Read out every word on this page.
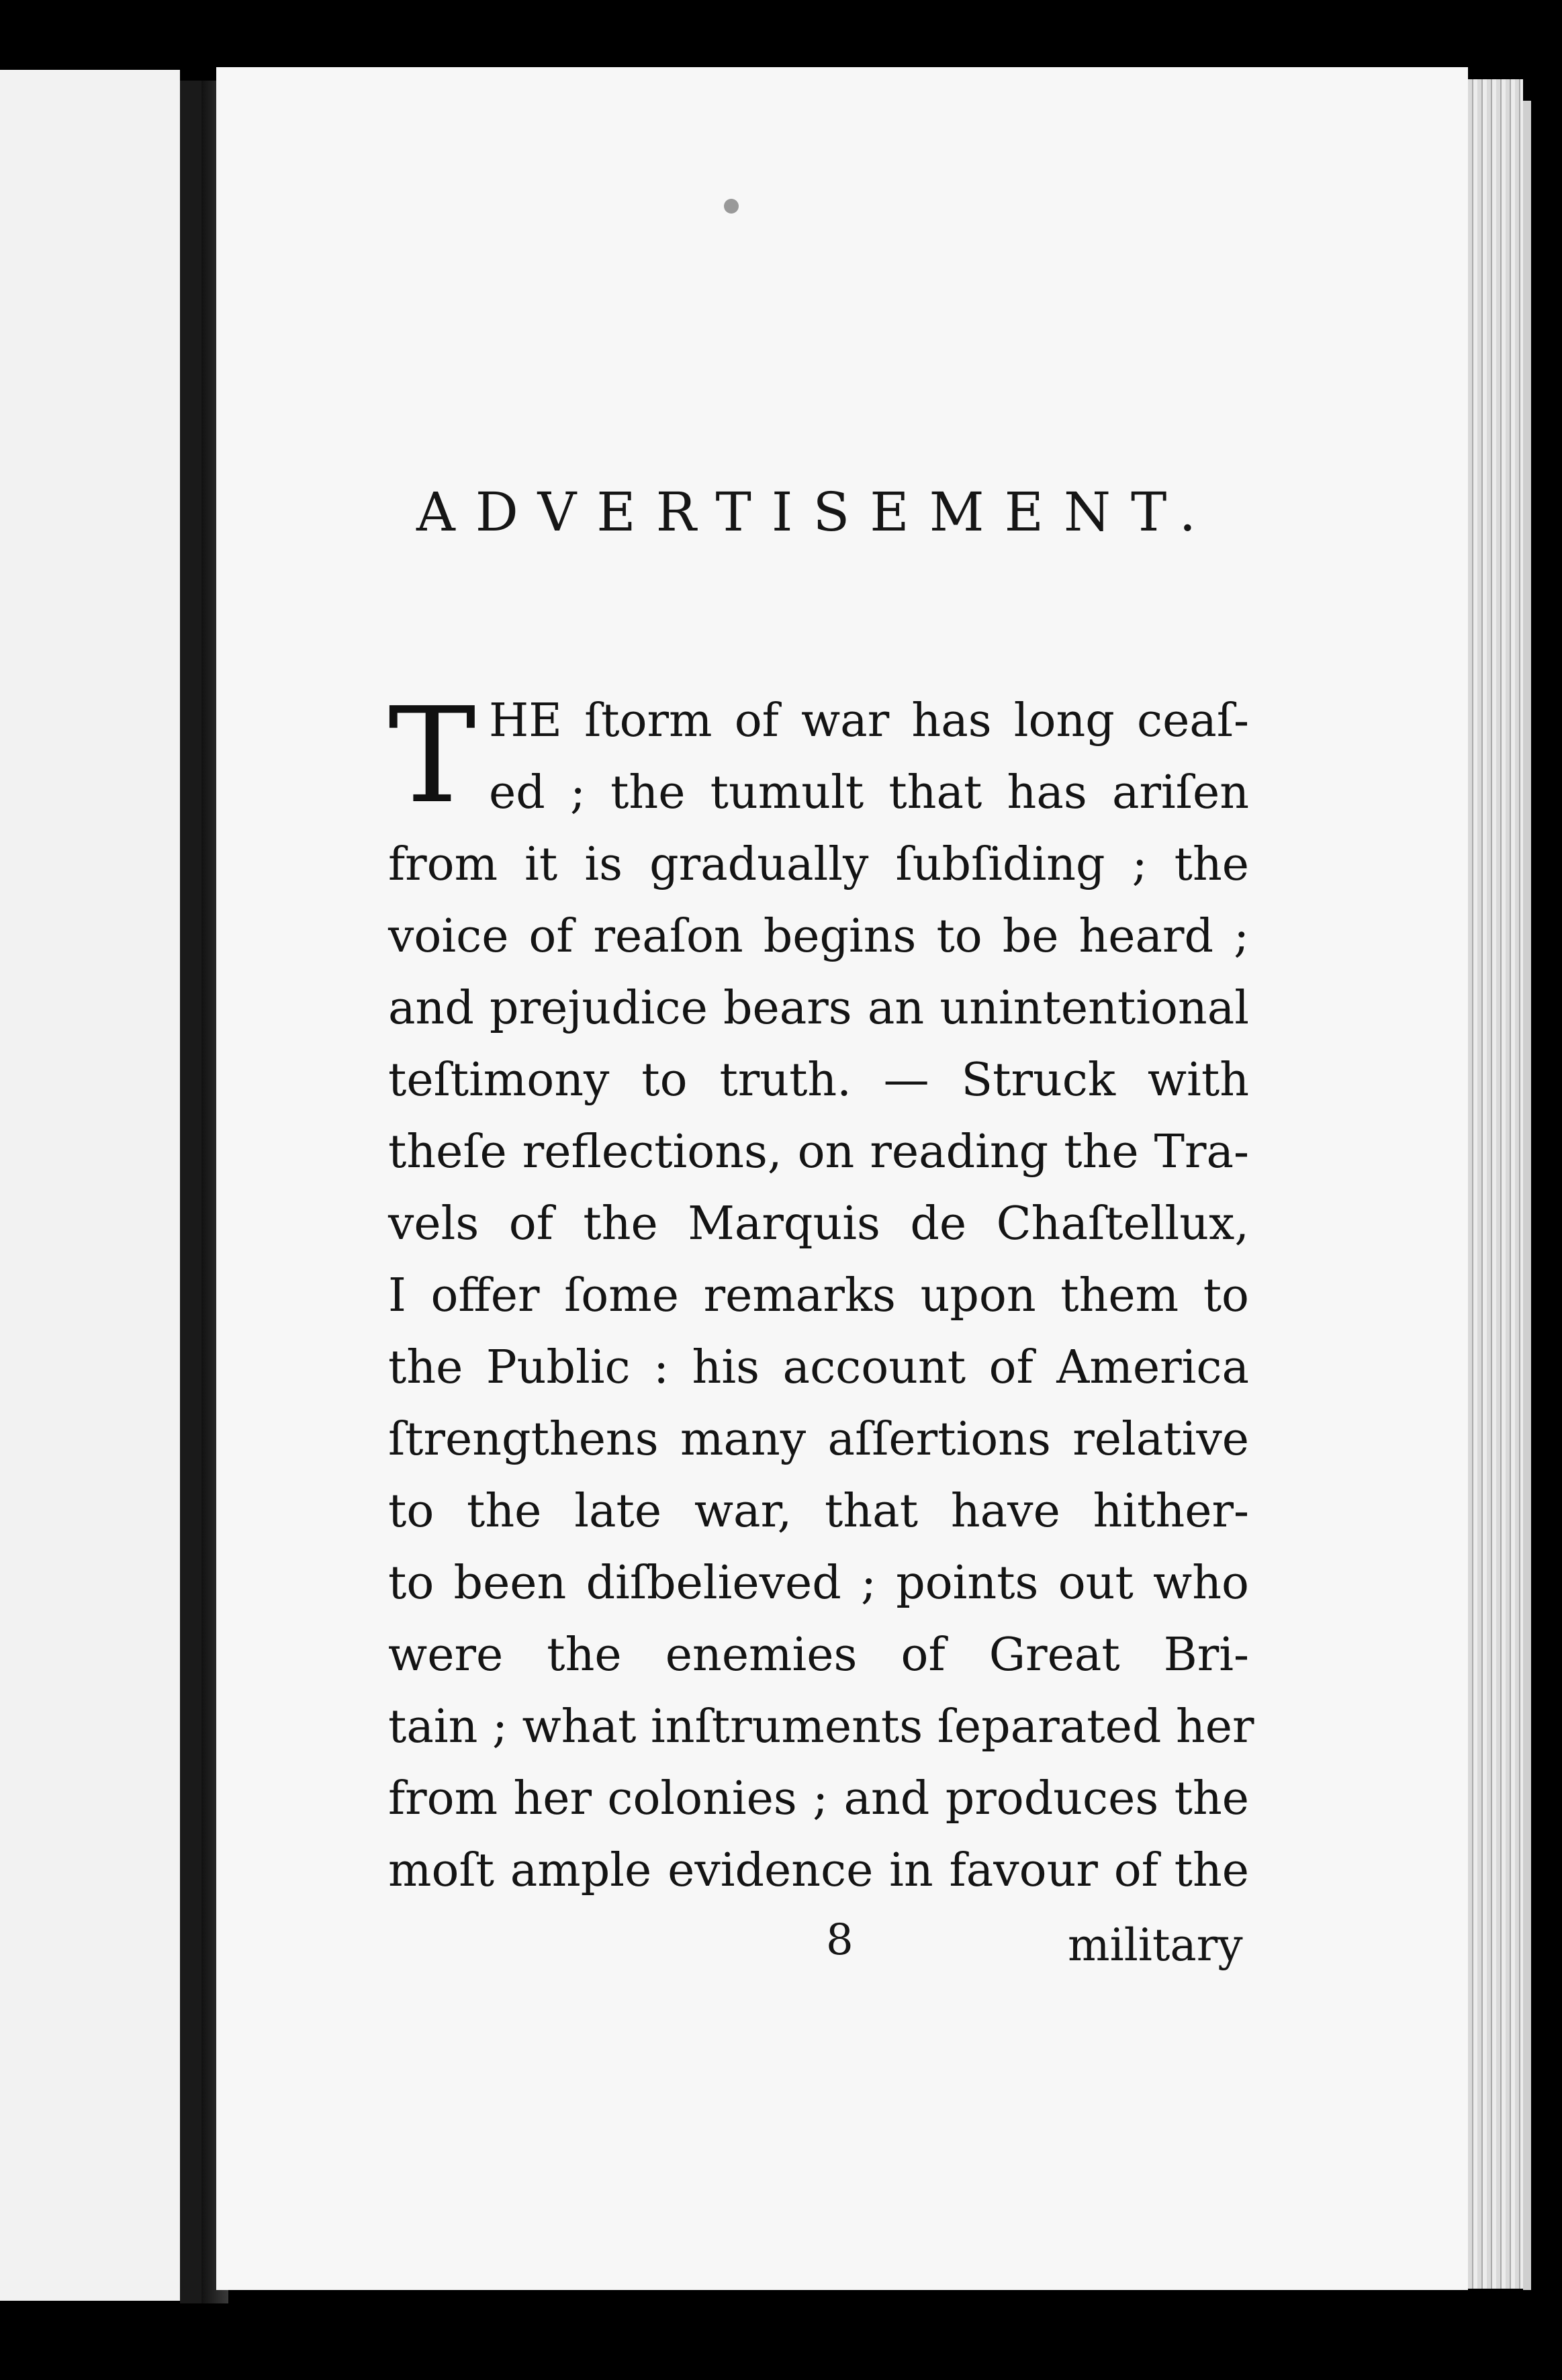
ADVERTISEMENT.
T HE ſtorm of war has long ceaſ-
ed ; the tumult that has ariſen
from it is gradually ſubſiding ; the
voice of reaſon begins to be heard ;
and prejudice bears an unintentional
teſtimony to truth. — Struck with
theſe reflections, on reading the Tra-
vels of the Marquis de Chaſtellux,
I offer ſome remarks upon them to
the Public : his account of America
ſtrengthens many aſſertions relative
to the late war, that have hither-
to been diſbelieved ; points out who
were the enemies of Great Bri-
tain ; what inſtruments ſeparated her
from her colonies ; and produces the
moſt ample evidence in favour of the
8	military
